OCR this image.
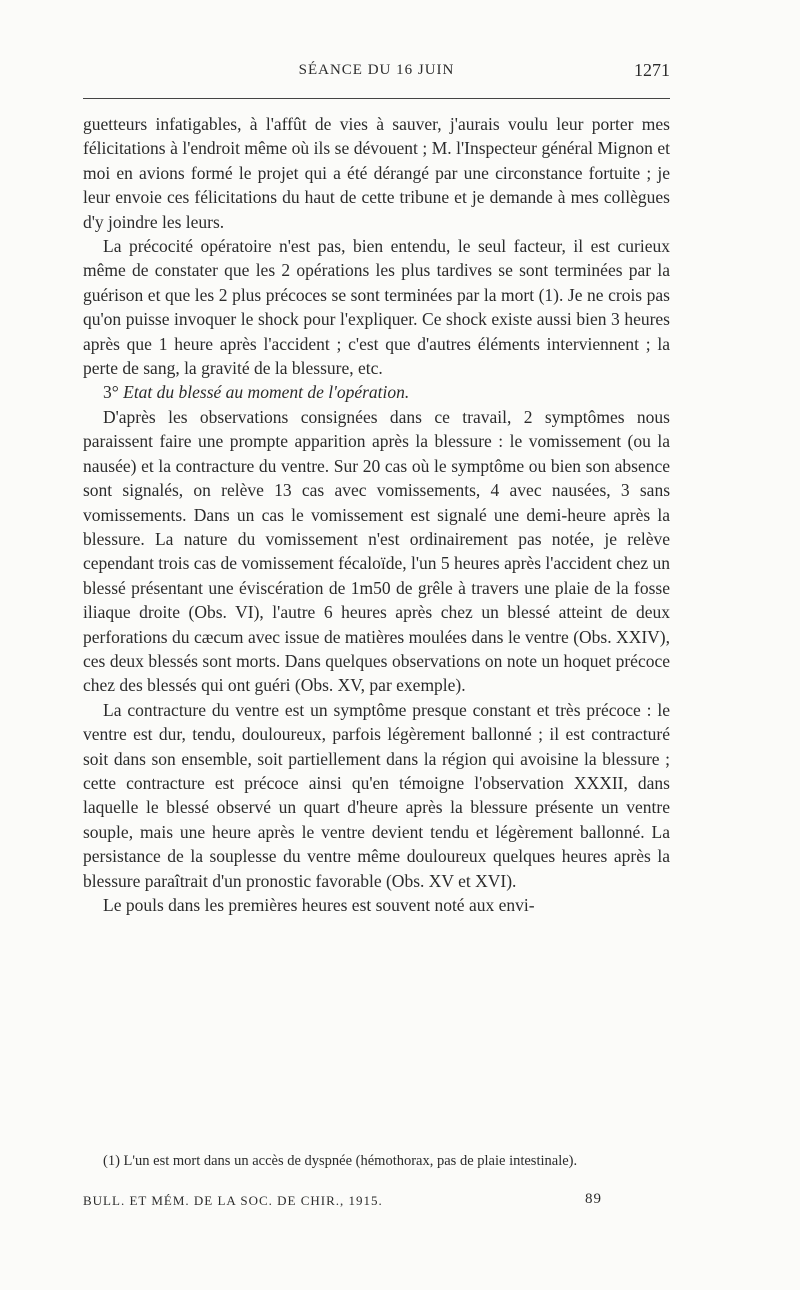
SÉANCE DU 16 JUIN	1271

guetteurs infatigables, à l'affût de vies à sauver, j'aurais voulu leur porter mes félicitations à l'endroit même où ils se dévouent ; M. l'Inspecteur général Mignon et moi en avions formé le projet qui a été dérangé par une circonstance fortuite ; je leur envoie ces félicitations du haut de cette tribune et je demande à mes collègues d'y joindre les leurs.

La précocité opératoire n'est pas, bien entendu, le seul facteur, il est curieux même de constater que les 2 opérations les plus tardives se sont terminées par la guérison et que les 2 plus précoces se sont terminées par la mort (1). Je ne crois pas qu'on puisse invoquer le shock pour l'expliquer. Ce shock existe aussi bien 3 heures après que 1 heure après l'accident ; c'est que d'autres éléments interviennent ; la perte de sang, la gravité de la blessure, etc.

3° Etat du blessé au moment de l'opération.

D'après les observations consignées dans ce travail, 2 symptômes nous paraissent faire une prompte apparition après la blessure : le vomissement (ou la nausée) et la contracture du ventre. Sur 20 cas où le symptôme ou bien son absence sont signalés, on relève 13 cas avec vomissements, 4 avec nausées, 3 sans vomissements. Dans un cas le vomissement est signalé une demi-heure après la blessure. La nature du vomissement n'est ordinairement pas notée, je relève cependant trois cas de vomissement fécaloïde, l'un 5 heures après l'accident chez un blessé présentant une éviscération de 1m50 de grêle à travers une plaie de la fosse iliaque droite (Obs. VI), l'autre 6 heures après chez un blessé atteint de deux perforations du cæcum avec issue de matières moulées dans le ventre (Obs. XXIV), ces deux blessés sont morts. Dans quelques observations on note un hoquet précoce chez des blessés qui ont guéri (Obs. XV, par exemple).

La contracture du ventre est un symptôme presque constant et très précoce : le ventre est dur, tendu, douloureux, parfois légèrement ballonné ; il est contracturé soit dans son ensemble, soit partiellement dans la région qui avoisine la blessure ; cette contracture est précoce ainsi qu'en témoigne l'observation XXXII, dans laquelle le blessé observé un quart d'heure après la blessure présente un ventre souple, mais une heure après le ventre devient tendu et légèrement ballonné. La persistance de la souplesse du ventre même douloureux quelques heures après la blessure paraîtrait d'un pronostic favorable (Obs. XV et XVI).

Le pouls dans les premières heures est souvent noté aux envi-

(1) L'un est mort dans un accès de dyspnée (hémothorax, pas de plaie intestinale).

BULL. ET MÉM. DE LA SOC. DE CHIR., 1915.	89
